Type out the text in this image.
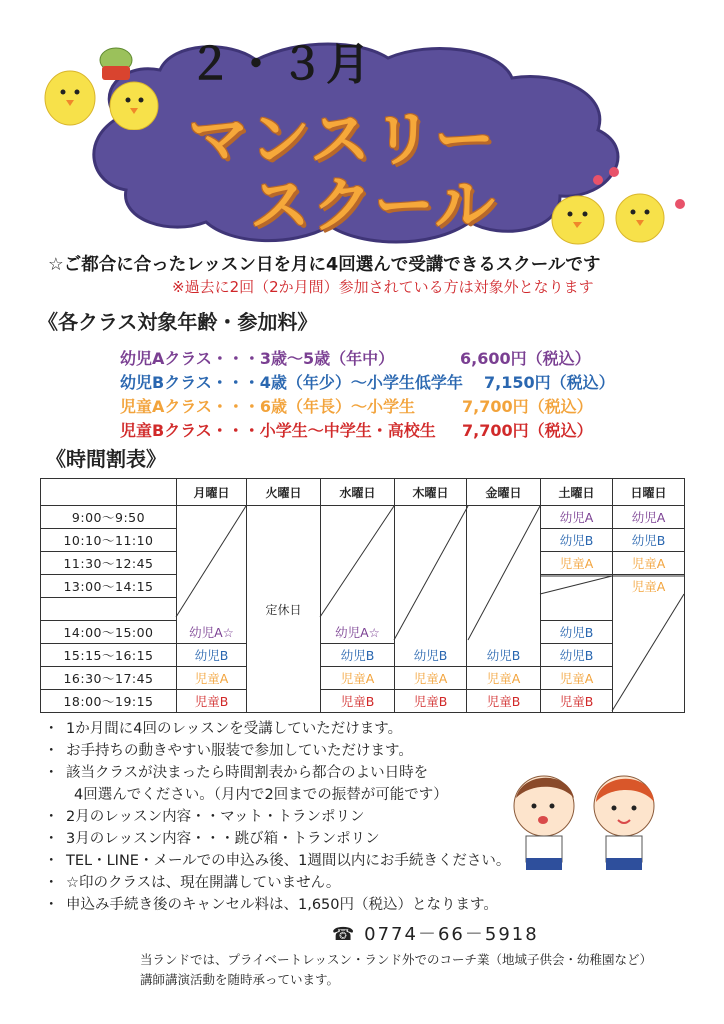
２・３月
マンスリー
スクール
☆ご都合に合ったレッスン日を月に4回選んで受講できるスクールです
※過去に2回（2か月間）参加されている方は対象外となります
《各クラス対象年齢・参加料》
幼児Aクラス・・・3歳～5歳（年中）	6,600円（税込）
幼児Bクラス・・・4歳（年少）～小学生低学年 7,150円（税込）
児童Aクラス・・・6歳（年長）～小学生	7,700円（税込）
児童Bクラス・・・小学生～中学生・高校生 7,700円（税込）
《時間割表》
	月曜日	火曜日	水曜日	木曜日	金曜日	土曜日	日曜日
9:00～9:50						幼児A	幼児A
10:10～11:10						幼児B	幼児B
11:30～12:45						児童A	児童A
13:00～14:15							児童A
		定休日					
14:00～15:00	幼児A☆		幼児A☆			幼児B	
15:15～16:15	幼児B		幼児B	幼児B	幼児B	幼児B	
16:30～17:45	児童A		児童A	児童A	児童A	児童A	
18:00～19:15	児童B		児童B	児童B	児童B	児童B	
・ 1か月間に4回のレッスンを受講していただけます。
・ お手持ちの動きやすい服装で参加していただけます。
・ 該当クラスが決まったら時間割表から都合のよい日時を
4回選んでください。（月内で2回までの振替が可能です）
・ 2月のレッスン内容・・マット・トランポリン
・ 3月のレッスン内容・・・跳び箱・トランポリン
・ TEL・LINE・メールでの申込み後、1週間以内にお手続きください。
・ ☆印のクラスは、現在開講していません。
・ 申込み手続き後のキャンセル料は、1,650円（税込）となります。
☎ 0774－66－5918
当ランドでは、プライベートレッスン・ランド外でのコーチ業（地域子供会・幼稚園など）
講師講演活動を随時承っています。
